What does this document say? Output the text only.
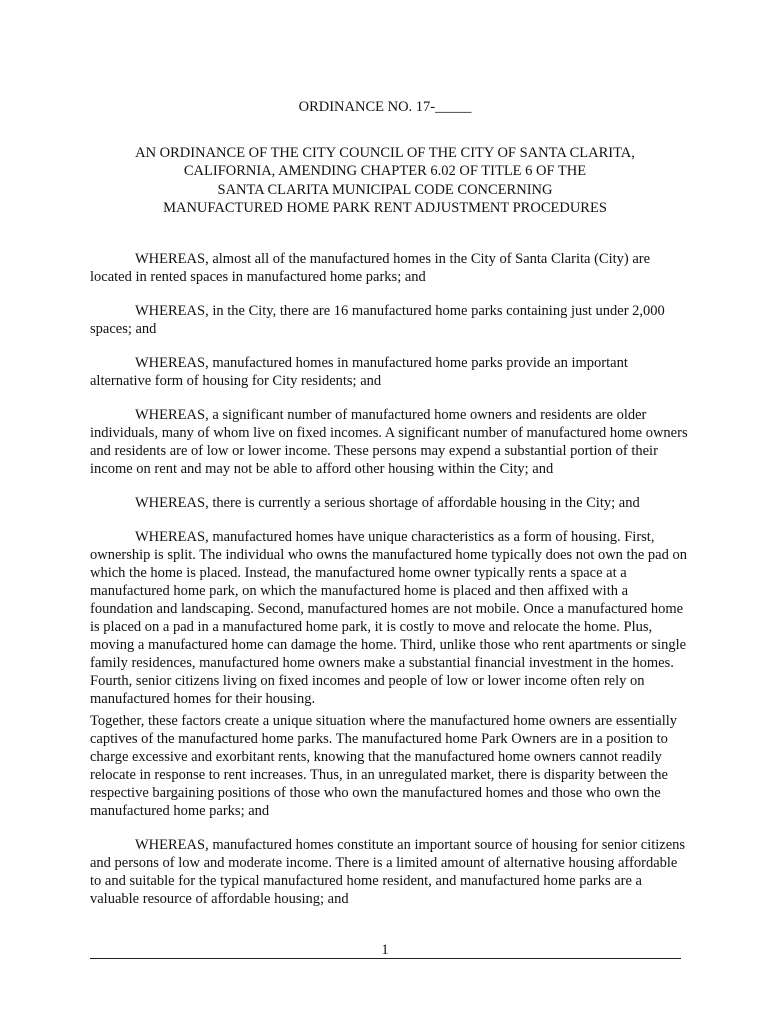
ORDINANCE NO. 17-_____
AN ORDINANCE OF THE CITY COUNCIL OF THE CITY OF SANTA CLARITA,
CALIFORNIA, AMENDING CHAPTER 6.02 OF TITLE 6 OF THE
SANTA CLARITA MUNICIPAL CODE CONCERNING
MANUFACTURED HOME PARK RENT ADJUSTMENT PROCEDURES

WHEREAS, almost all of the manufactured homes in the City of Santa Clarita (City) are located in rented spaces in manufactured home parks; and

WHEREAS, in the City, there are 16 manufactured home parks containing just under 2,000 spaces; and

WHEREAS, manufactured homes in manufactured home parks provide an important alternative form of housing for City residents; and

WHEREAS, a significant number of manufactured home owners and residents are older individuals, many of whom live on fixed incomes. A significant number of manufactured home owners and residents are of low or lower income. These persons may expend a substantial portion of their income on rent and may not be able to afford other housing within the City; and

WHEREAS, there is currently a serious shortage of affordable housing in the City; and

WHEREAS, manufactured homes have unique characteristics as a form of housing. First, ownership is split. The individual who owns the manufactured home typically does not own the pad on which the home is placed. Instead, the manufactured home owner typically rents a space at a manufactured home park, on which the manufactured home is placed and then affixed with a foundation and landscaping. Second, manufactured homes are not mobile. Once a manufactured home is placed on a pad in a manufactured home park, it is costly to move and relocate the home. Plus, moving a manufactured home can damage the home. Third, unlike those who rent apartments or single family residences, manufactured home owners make a substantial financial investment in the homes. Fourth, senior citizens living on fixed incomes and people of low or lower income often rely on manufactured homes for their housing.

Together, these factors create a unique situation where the manufactured home owners are essentially captives of the manufactured home parks. The manufactured home Park Owners are in a position to charge excessive and exorbitant rents, knowing that the manufactured home owners cannot readily relocate in response to rent increases. Thus, in an unregulated market, there is disparity between the respective bargaining positions of those who own the manufactured homes and those who own the manufactured home parks; and

WHEREAS, manufactured homes constitute an important source of housing for senior citizens and persons of low and moderate income. There is a limited amount of alternative housing affordable to and suitable for the typical manufactured home resident, and manufactured home parks are a valuable resource of affordable housing; and

1
